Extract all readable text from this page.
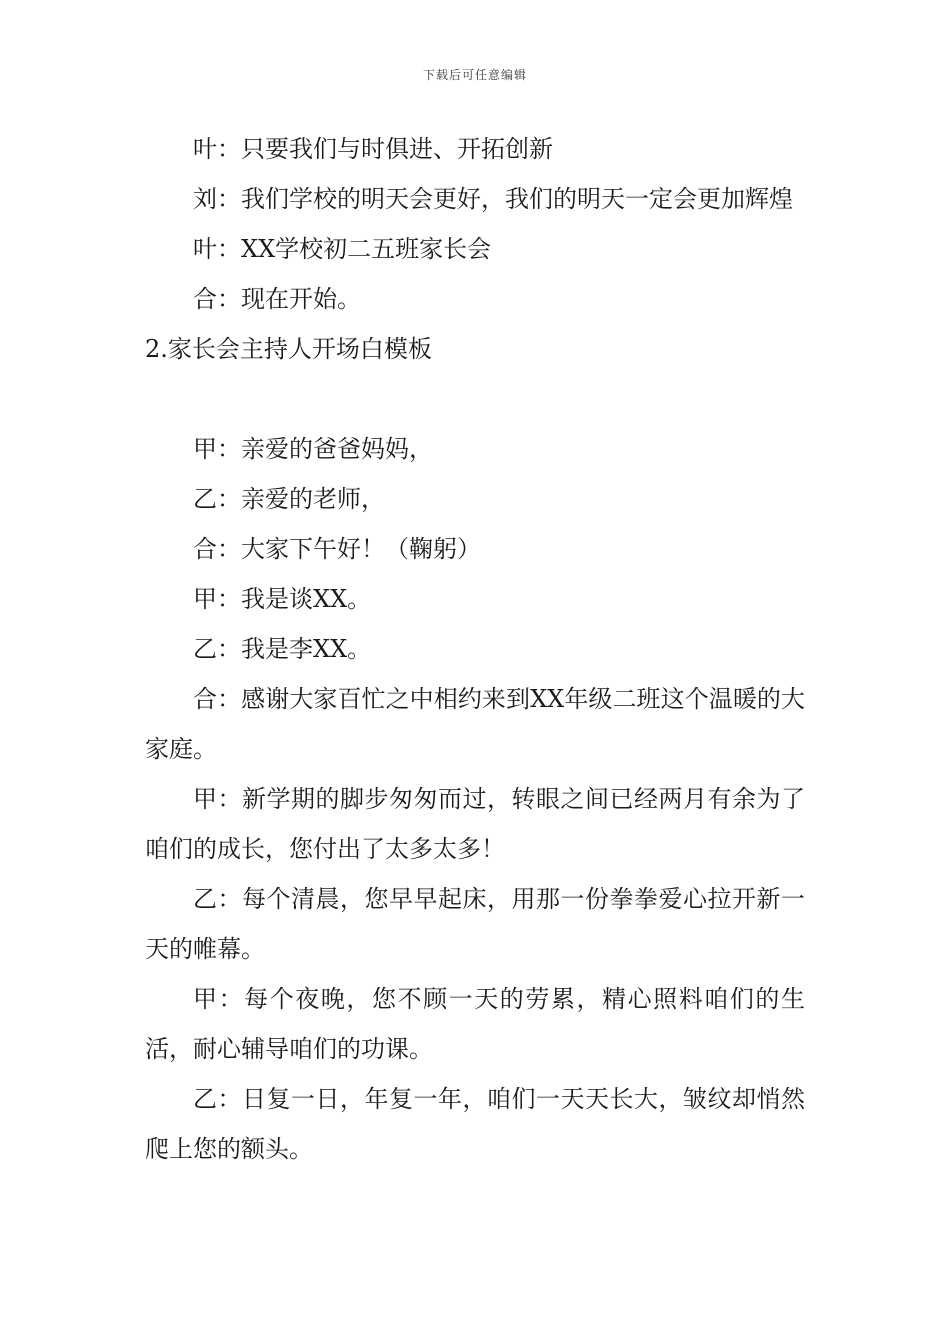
下载后可任意编辑

叶：只要我们与时俱进、开拓创新

刘：我们学校的明天会更好，我们的明天一定会更加辉煌

叶：XX学校初二五班家长会

合：现在开始。

2.家长会主持人开场白模板

甲：亲爱的爸爸妈妈，

乙：亲爱的老师，

合：大家下午好！（鞠躬）

甲：我是谈XX。

乙：我是李XX。

合：感谢大家百忙之中相约来到XX年级二班这个温暖的大家庭。

甲：新学期的脚步匆匆而过，转眼之间已经两月有余为了咱们的成长，您付出了太多太多！

乙：每个清晨，您早早起床，用那一份拳拳爱心拉开新一天的帷幕。

甲：每个夜晚，您不顾一天的劳累，精心照料咱们的生活，耐心辅导咱们的功课。

乙：日复一日，年复一年，咱们一天天长大，皱纹却悄然爬上您的额头。
